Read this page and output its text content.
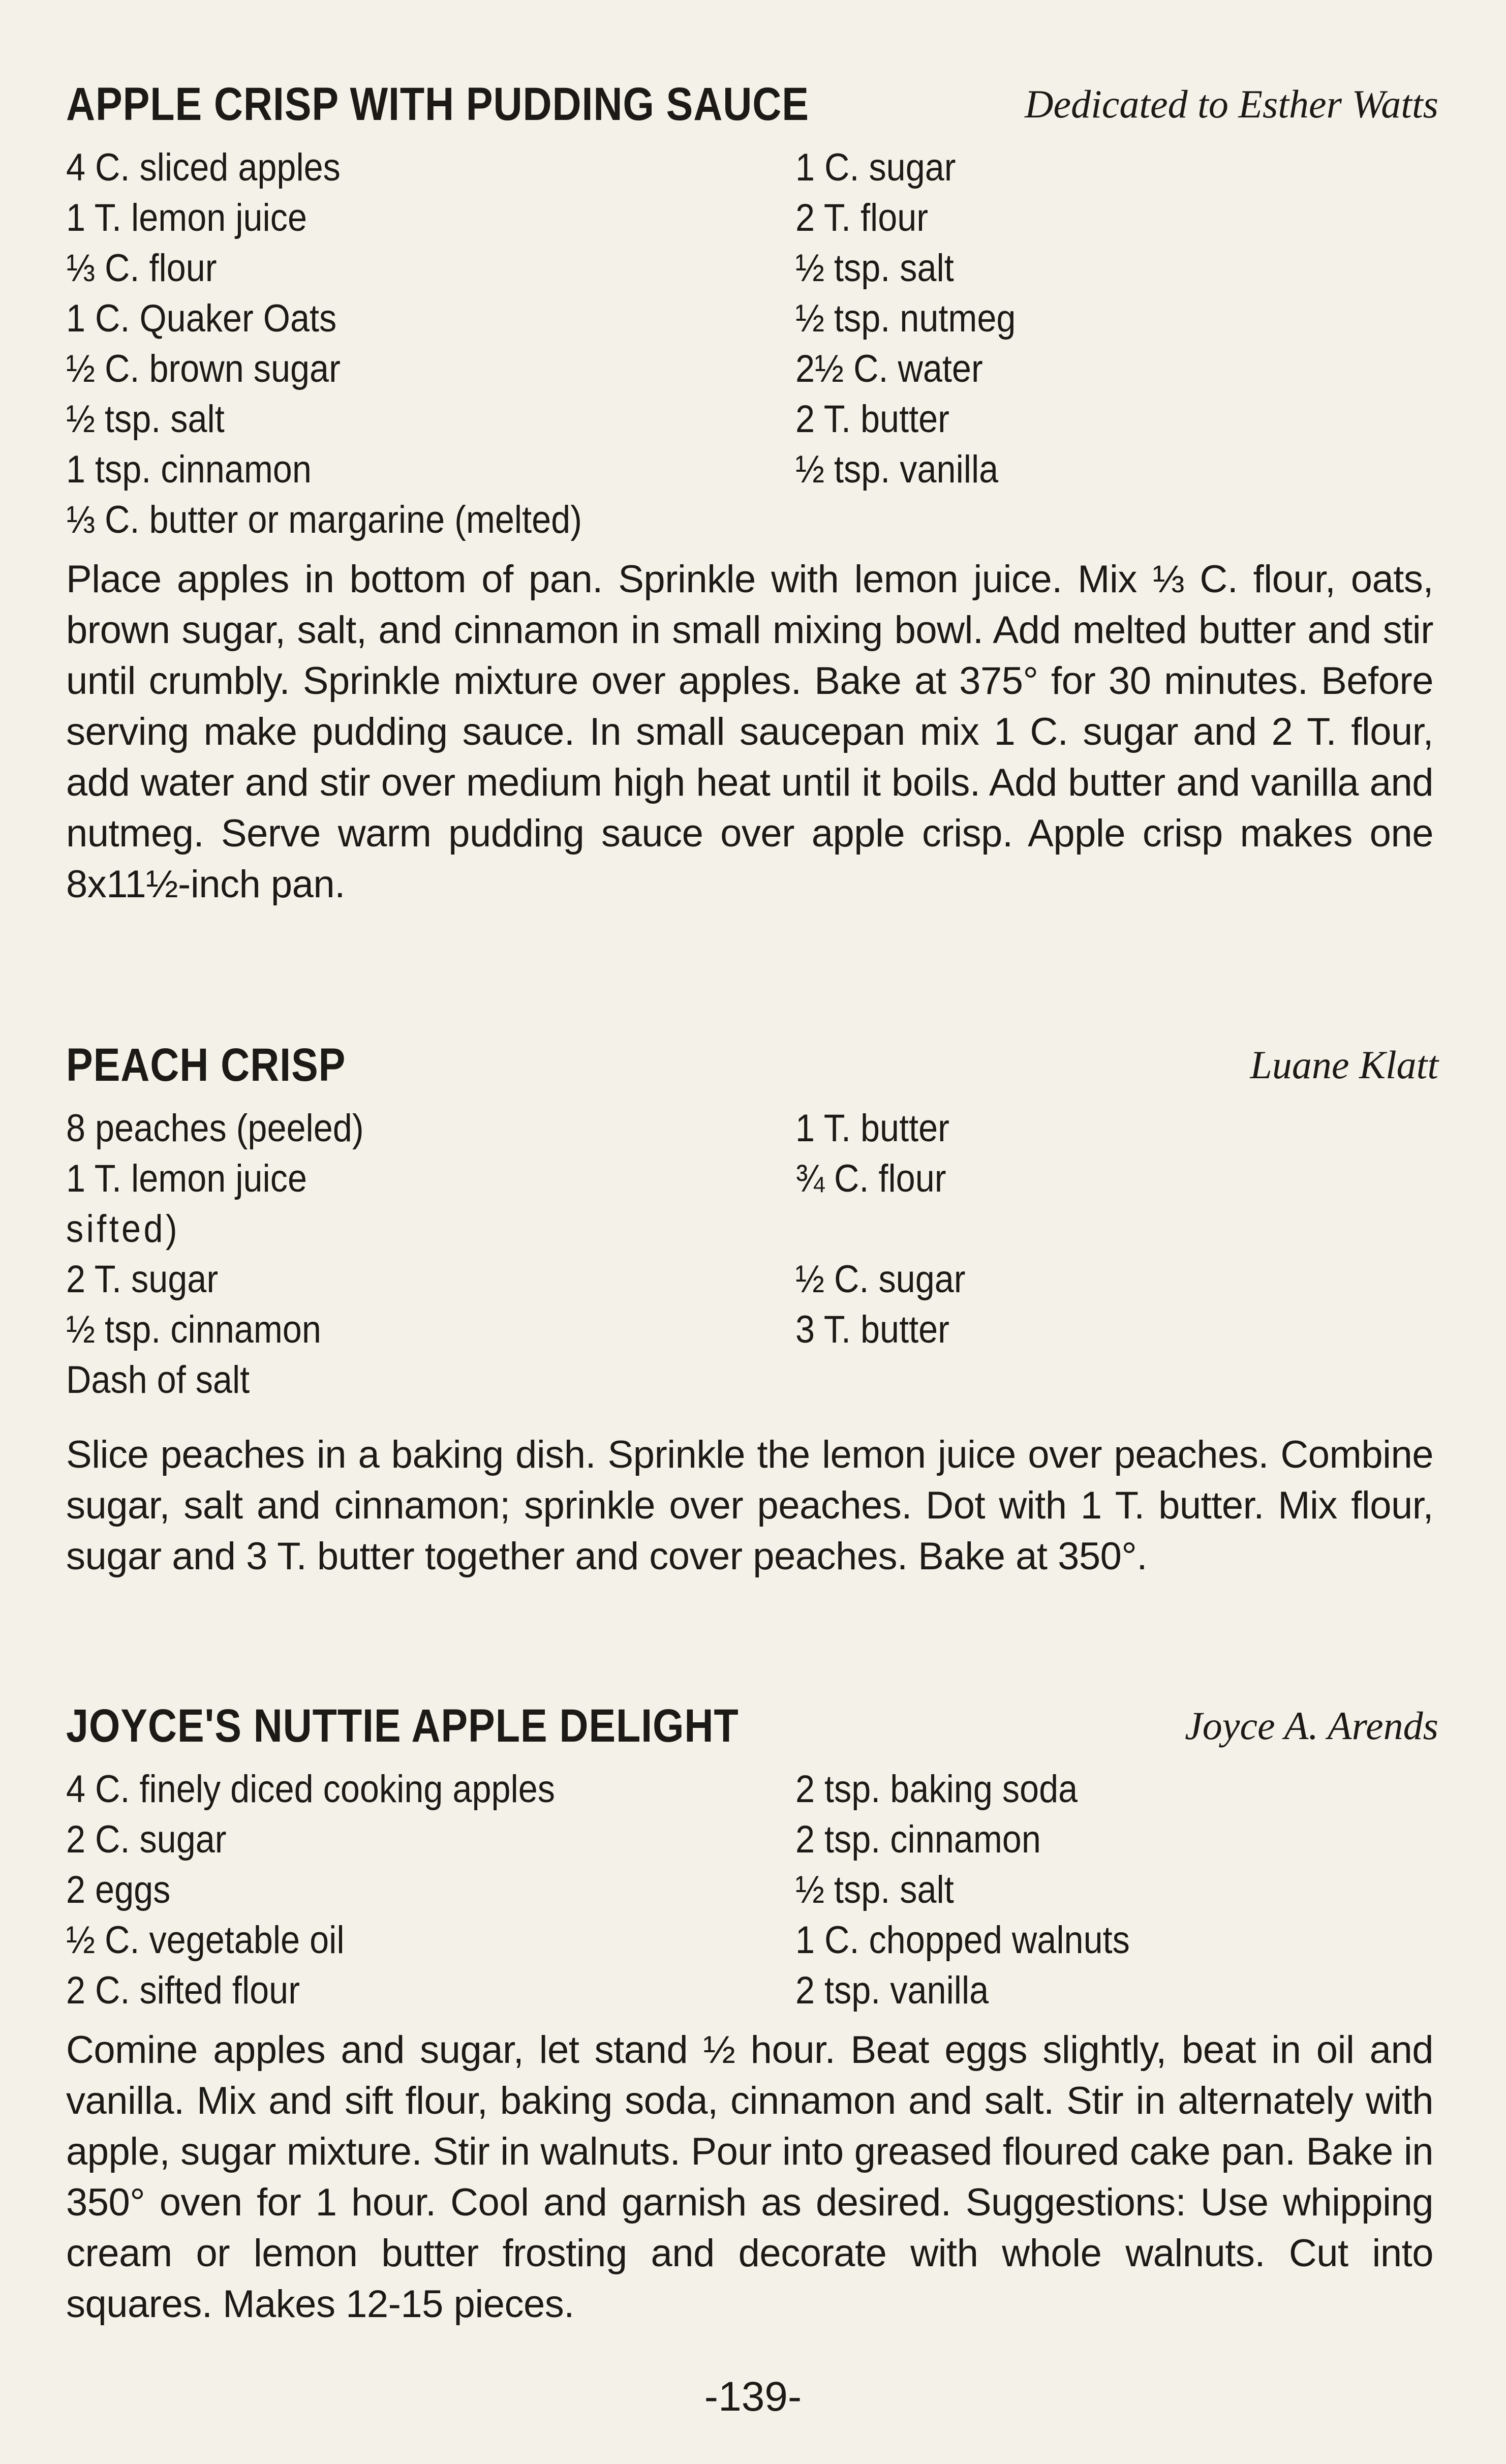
APPLE CRISP WITH PUDDING SAUCE	Dedicated to Esther Watts
4 C. sliced apples
1 T. lemon juice
⅓ C. flour
1 C. Quaker Oats
½ C. brown sugar
½ tsp. salt
1 tsp. cinnamon
⅓ C. butter or margarine (melted)
1 C. sugar
2 T. flour
½ tsp. salt
½ tsp. nutmeg
2½ C. water
2 T. butter
½ tsp. vanilla

Place apples in bottom of pan. Sprinkle with lemon juice. Mix ⅓ C. flour, oats, brown sugar, salt, and cinnamon in small mixing bowl. Add melted butter and stir until crumbly. Sprinkle mixture over apples. Bake at 375° for 30 minutes. Before serving make pudding sauce. In small saucepan mix 1 C. sugar and 2 T. flour, add water and stir over medium high heat until it boils. Add butter and vanilla and nutmeg. Serve warm pudding sauce over apple crisp. Apple crisp makes one 8x11½-inch pan.

PEACH CRISP	Luane Klatt
8 peaches (peeled)
1 T. lemon juice
sifted)
2 T. sugar
½ tsp. cinnamon
Dash of salt
1 T. butter
¾ C. flour
½ C. sugar
3 T. butter

Slice peaches in a baking dish. Sprinkle the lemon juice over peaches. Combine sugar, salt and cinnamon; sprinkle over peaches. Dot with 1 T. butter. Mix flour, sugar and 3 T. butter together and cover peaches. Bake at 350°.

JOYCE'S NUTTIE APPLE DELIGHT	Joyce A. Arends
4 C. finely diced cooking apples
2 C. sugar
2 eggs
½ C. vegetable oil
2 C. sifted flour
2 tsp. baking soda
2 tsp. cinnamon
½ tsp. salt
1 C. chopped walnuts
2 tsp. vanilla

Comine apples and sugar, let stand ½ hour. Beat eggs slightly, beat in oil and vanilla. Mix and sift flour, baking soda, cinnamon and salt. Stir in alternately with apple, sugar mixture. Stir in walnuts. Pour into greased floured cake pan. Bake in 350° oven for 1 hour. Cool and garnish as desired. Suggestions: Use whipping cream or lemon butter frosting and decorate with whole walnuts. Cut into squares. Makes 12-15 pieces.

-139-
